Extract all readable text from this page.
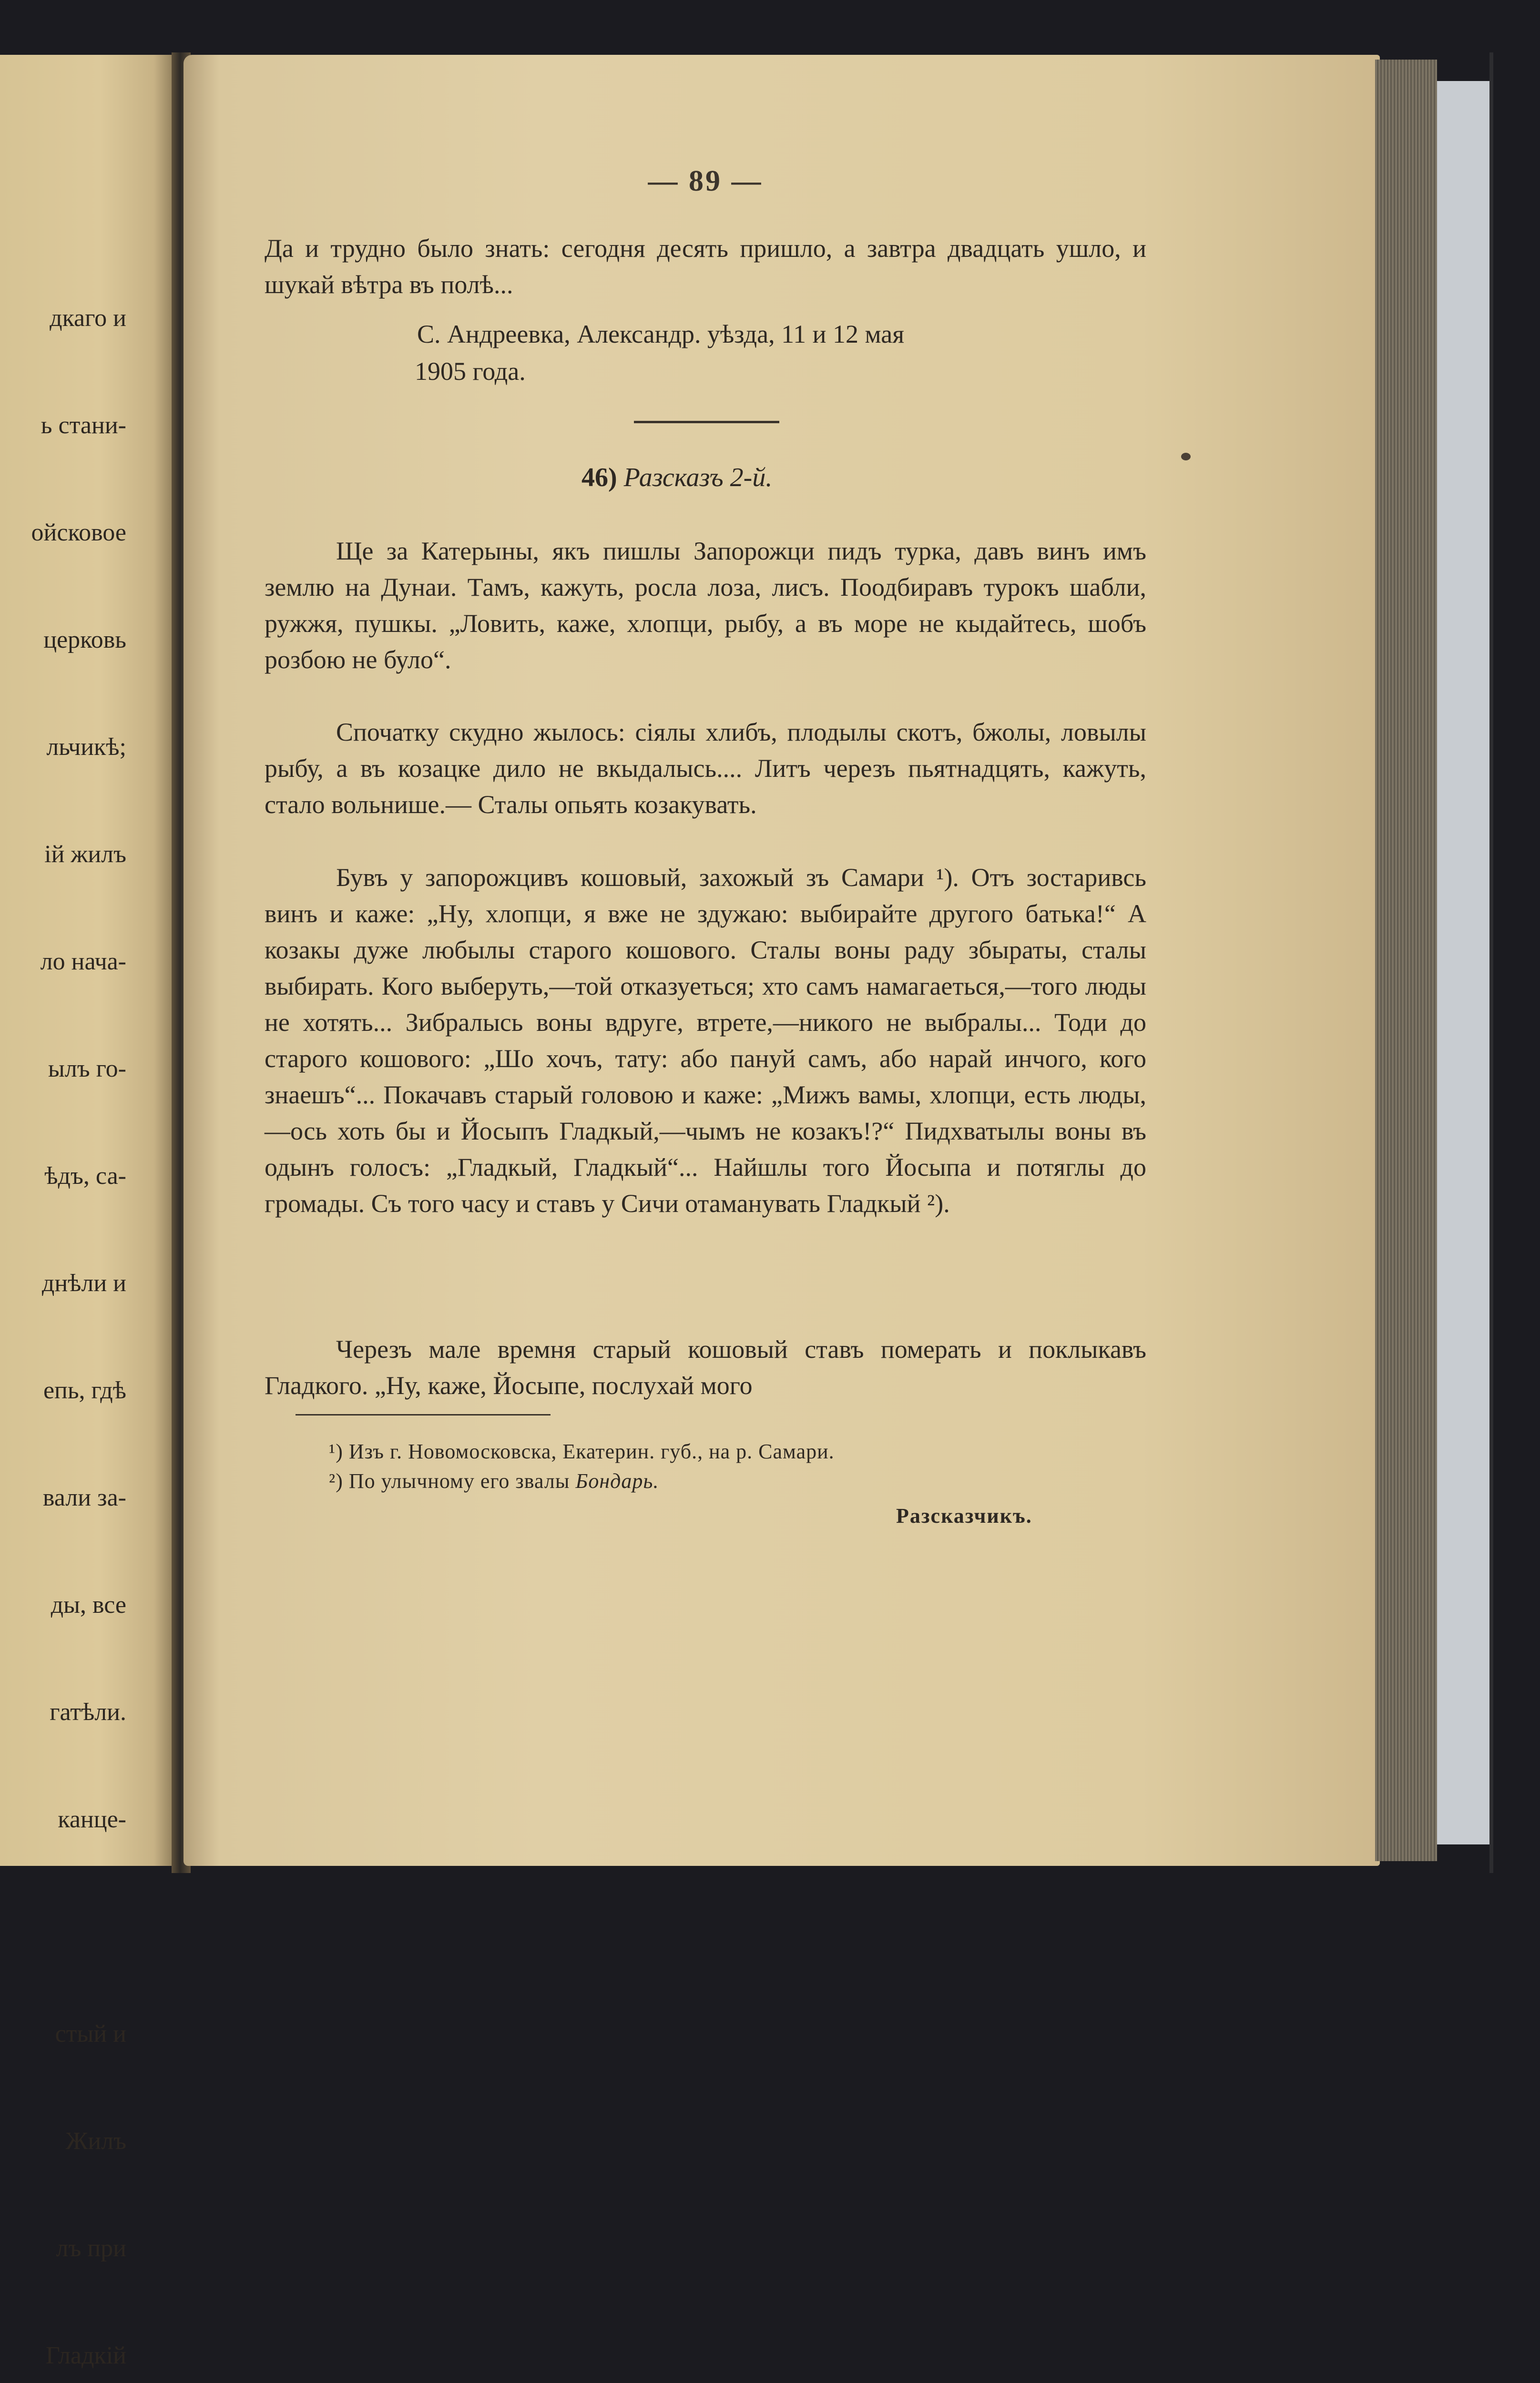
дкаго и

ь стани-

ойсковое

церковь

льчикѣ;

ій жилъ

ло нача-

ылъ го-

ѣдъ, са-

днѣли и

епь, гдѣ

вали за-

ды, все

гатѣли.

канце-

стый и

Жилъ

лъ при

Гладкій

— 89 —
Да и трудно было знать: сегодня десять пришло, а завтра двадцать ушло, и шукай вѣтра въ полѣ...
С. Андреевка, Александр. уѣзда, 11 и 12 мая
1905 года.
46) Разсказъ 2-й.
Ще за Катерыны, якъ пишлы Запорожци пидъ турка, давъ винъ имъ землю на Дунаи. Тамъ, кажуть, росла лоза, лисъ. Поодбиравъ турокъ шабли, ружжя, пушкы. „Ловить, каже, хлопци, рыбу, а въ море не кыдайтесь, шобъ розбою не було“.
Спочатку скудно жылось: сіялы хлибъ, плодылы скотъ, бжолы, ловылы рыбу, а въ козацке дило не вкыдалысь.... Литъ черезъ пьятнадцять, кажуть, стало вольнише.— Сталы опьять козакувать.
Бувъ у запорожцивъ кошовый, захожый зъ Самари ¹). Отъ зостаривсь винъ и каже: „Ну, хлопци, я вже не здужаю: выбирайте другого батька!“ А козакы дуже любылы старого кошового. Сталы воны раду збыраты, сталы выбирать. Кого выберуть,—той отказуеться; хто самъ намагаеться,—того люды не хотять... Зибралысь воны вдруге, втрете,—никого не выбралы... Тоди до старого кошового: „Шо хочъ, тату: або пануй самъ, або нарай инчого, кого знаешъ“... Покачавъ старый головою и каже: „Мижъ вамы, хлопци, есть люды,—ось хоть бы и Йосыпъ Гладкый,—чымъ не козакъ!?“ Пидхватылы воны въ одынъ голосъ: „Гладкый, Гладкый“... Найшлы того Йосыпа и потяглы до громады. Съ того часу и ставъ у Сичи отаманувать Гладкый ²).
Черезъ мале времня старый кошовый ставъ померать и поклыкавъ Гладкого. „Ну, каже, Йосыпе, послухай мого
¹) Изъ г. Новомосковска, Екатерин. губ., на р. Самари.
²) По улычному его звалы Бондарь.
Разсказчикъ.
